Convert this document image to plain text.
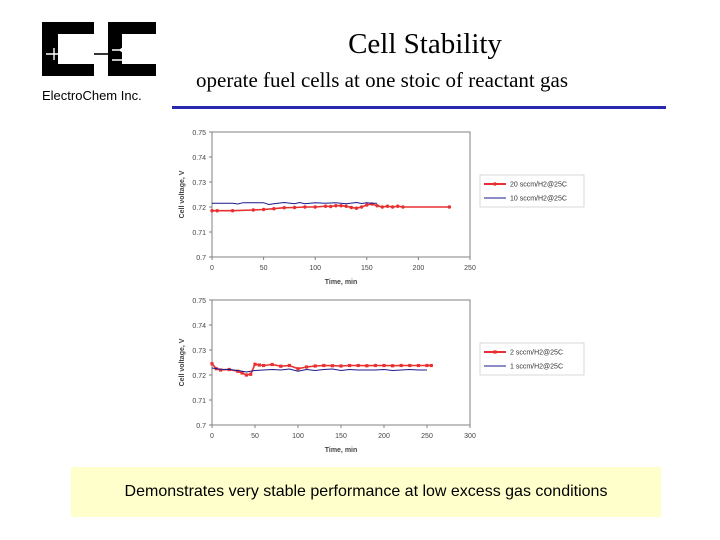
ElectroChem Inc.
Cell Stability
operate fuel cells at one stoic of reactant gas
0.7
0.71
0.72
0.73
0.74
0.75
0	50	100	150	200	250
Time, min
Cell voltage, V	20 sccm/H2@25C
10 sccm/H2@25C
0.7
0.71
0.72
0.73
0.74
0.75
0	50	100	150	200	250	300
Time, min
Cell voltage, V	2 sccm/H2@25C
1 sccm/H2@25C
Demonstrates very stable performance at low excess gas conditions
